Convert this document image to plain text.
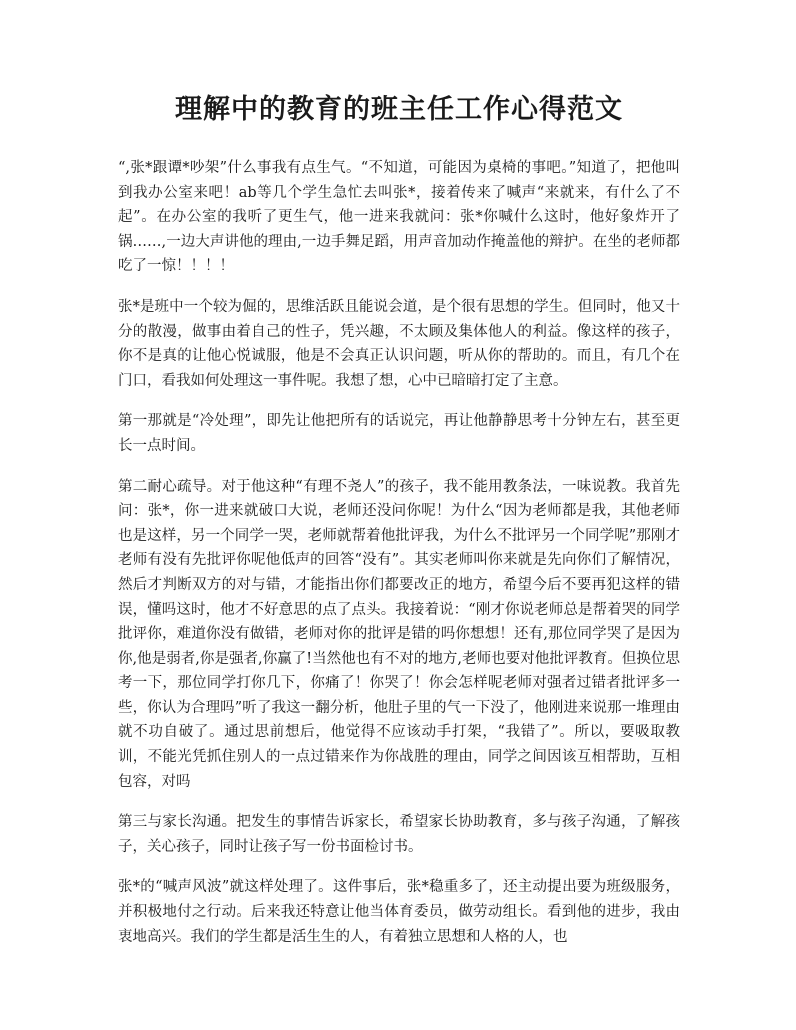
理解中的教育的班主任工作心得范文

“,张*跟谭*吵架”什么事我有点生气。“不知道，可能因为桌椅的事吧。”知道了，把他叫到我办公室来吧！ab等几个学生急忙去叫张*，接着传来了喊声“来就来，有什么了不起”。在办公室的我听了更生气，他一进来我就问：张*你喊什么这时，他好象炸开了锅……,一边大声讲他的理由,一边手舞足蹈，用声音加动作掩盖他的辩护。在坐的老师都吃了一惊！！！！

张*是班中一个较为倔的，思维活跃且能说会道，是个很有思想的学生。但同时，他又十分的散漫，做事由着自己的性子，凭兴趣，不太顾及集体他人的利益。像这样的孩子，你不是真的让他心悦诚服，他是不会真正认识问题，听从你的帮助的。而且，有几个在门口，看我如何处理这一事件呢。我想了想，心中已暗暗打定了主意。

第一那就是“冷处理”，即先让他把所有的话说完，再让他静静思考十分钟左右，甚至更长一点时间。

第二耐心疏导。对于他这种“有理不尧人”的孩子，我不能用教条法，一味说教。我首先问：张*，你一进来就破口大说，老师还没问你呢！为什么“因为老师都是我，其他老师也是这样，另一个同学一哭，老师就帮着他批评我，为什么不批评另一个同学呢”那刚才老师有没有先批评你呢他低声的回答“没有”。其实老师叫你来就是先向你们了解情况，然后才判断双方的对与错，才能指出你们都要改正的地方，希望今后不要再犯这样的错误，懂吗这时，他才不好意思的点了点头。我接着说：“刚才你说老师总是帮着哭的同学批评你，难道你没有做错，老师对你的批评是错的吗你想想！还有,那位同学哭了是因为你,他是弱者,你是强者,你赢了!当然他也有不对的地方,老师也要对他批评教育。但换位思考一下，那位同学打你几下，你痛了！你哭了！你会怎样呢老师对强者过错者批评多一些，你认为合理吗”听了我这一翻分析，他肚子里的气一下没了，他刚进来说那一堆理由就不功自破了。通过思前想后，他觉得不应该动手打架，“我错了”。所以，要吸取教训，不能光凭抓住别人的一点过错来作为你战胜的理由，同学之间因该互相帮助，互相包容，对吗

第三与家长沟通。把发生的事情告诉家长，希望家长协助教育，多与孩子沟通，了解孩子，关心孩子，同时让孩子写一份书面检讨书。

张*的“喊声风波”就这样处理了。这件事后，张*稳重多了，还主动提出要为班级服务，并积极地付之行动。后来我还特意让他当体育委员，做劳动组长。看到他的进步，我由衷地高兴。我们的学生都是活生生的人，有着独立思想和人格的人，也
